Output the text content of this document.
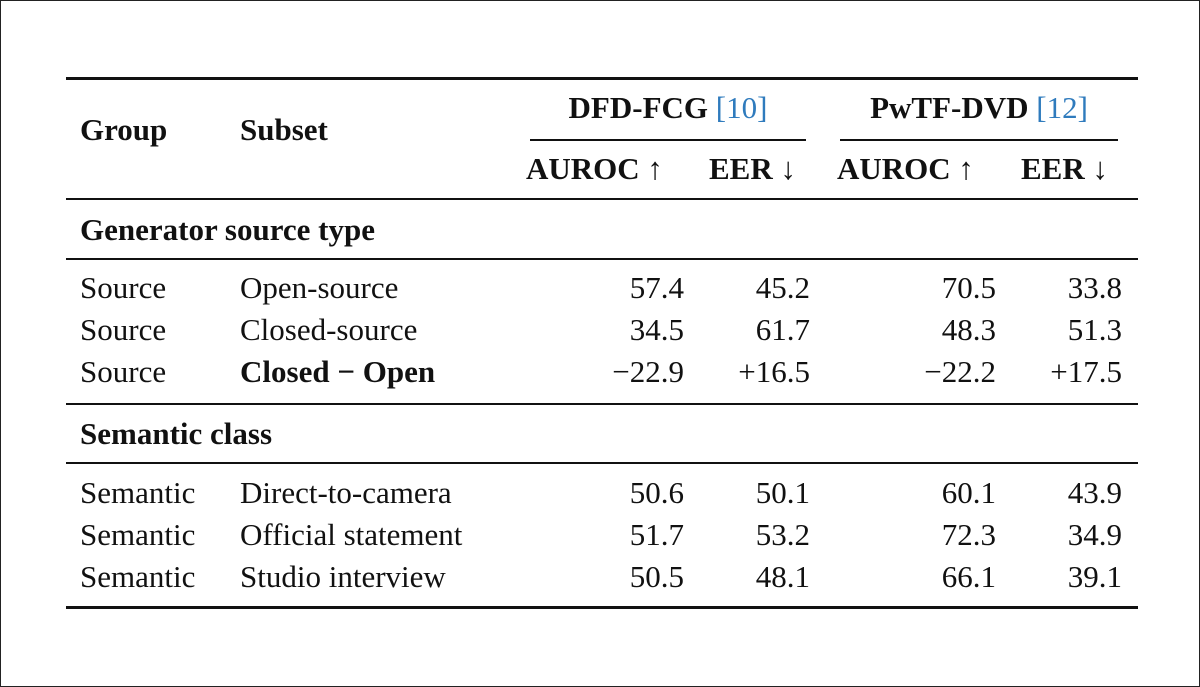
Group Subset
DFD-FCG [10]	PwTF-DVD [12]
AUROC ↑ EER ↓ AUROC ↑ EER ↓
Generator source type
Source Open-source	57.4	45.2	70.5	33.8
Source Closed-source	34.5	61.7	48.3	51.3
Source Closed − Open	−22.9	+16.5	−22.2	+17.5
Semantic class
Semantic Direct-to-camera	50.6	50.1	60.1	43.9
Semantic Official statement	51.7	53.2	72.3	34.9
Semantic Studio interview	50.5	48.1	66.1	39.1
